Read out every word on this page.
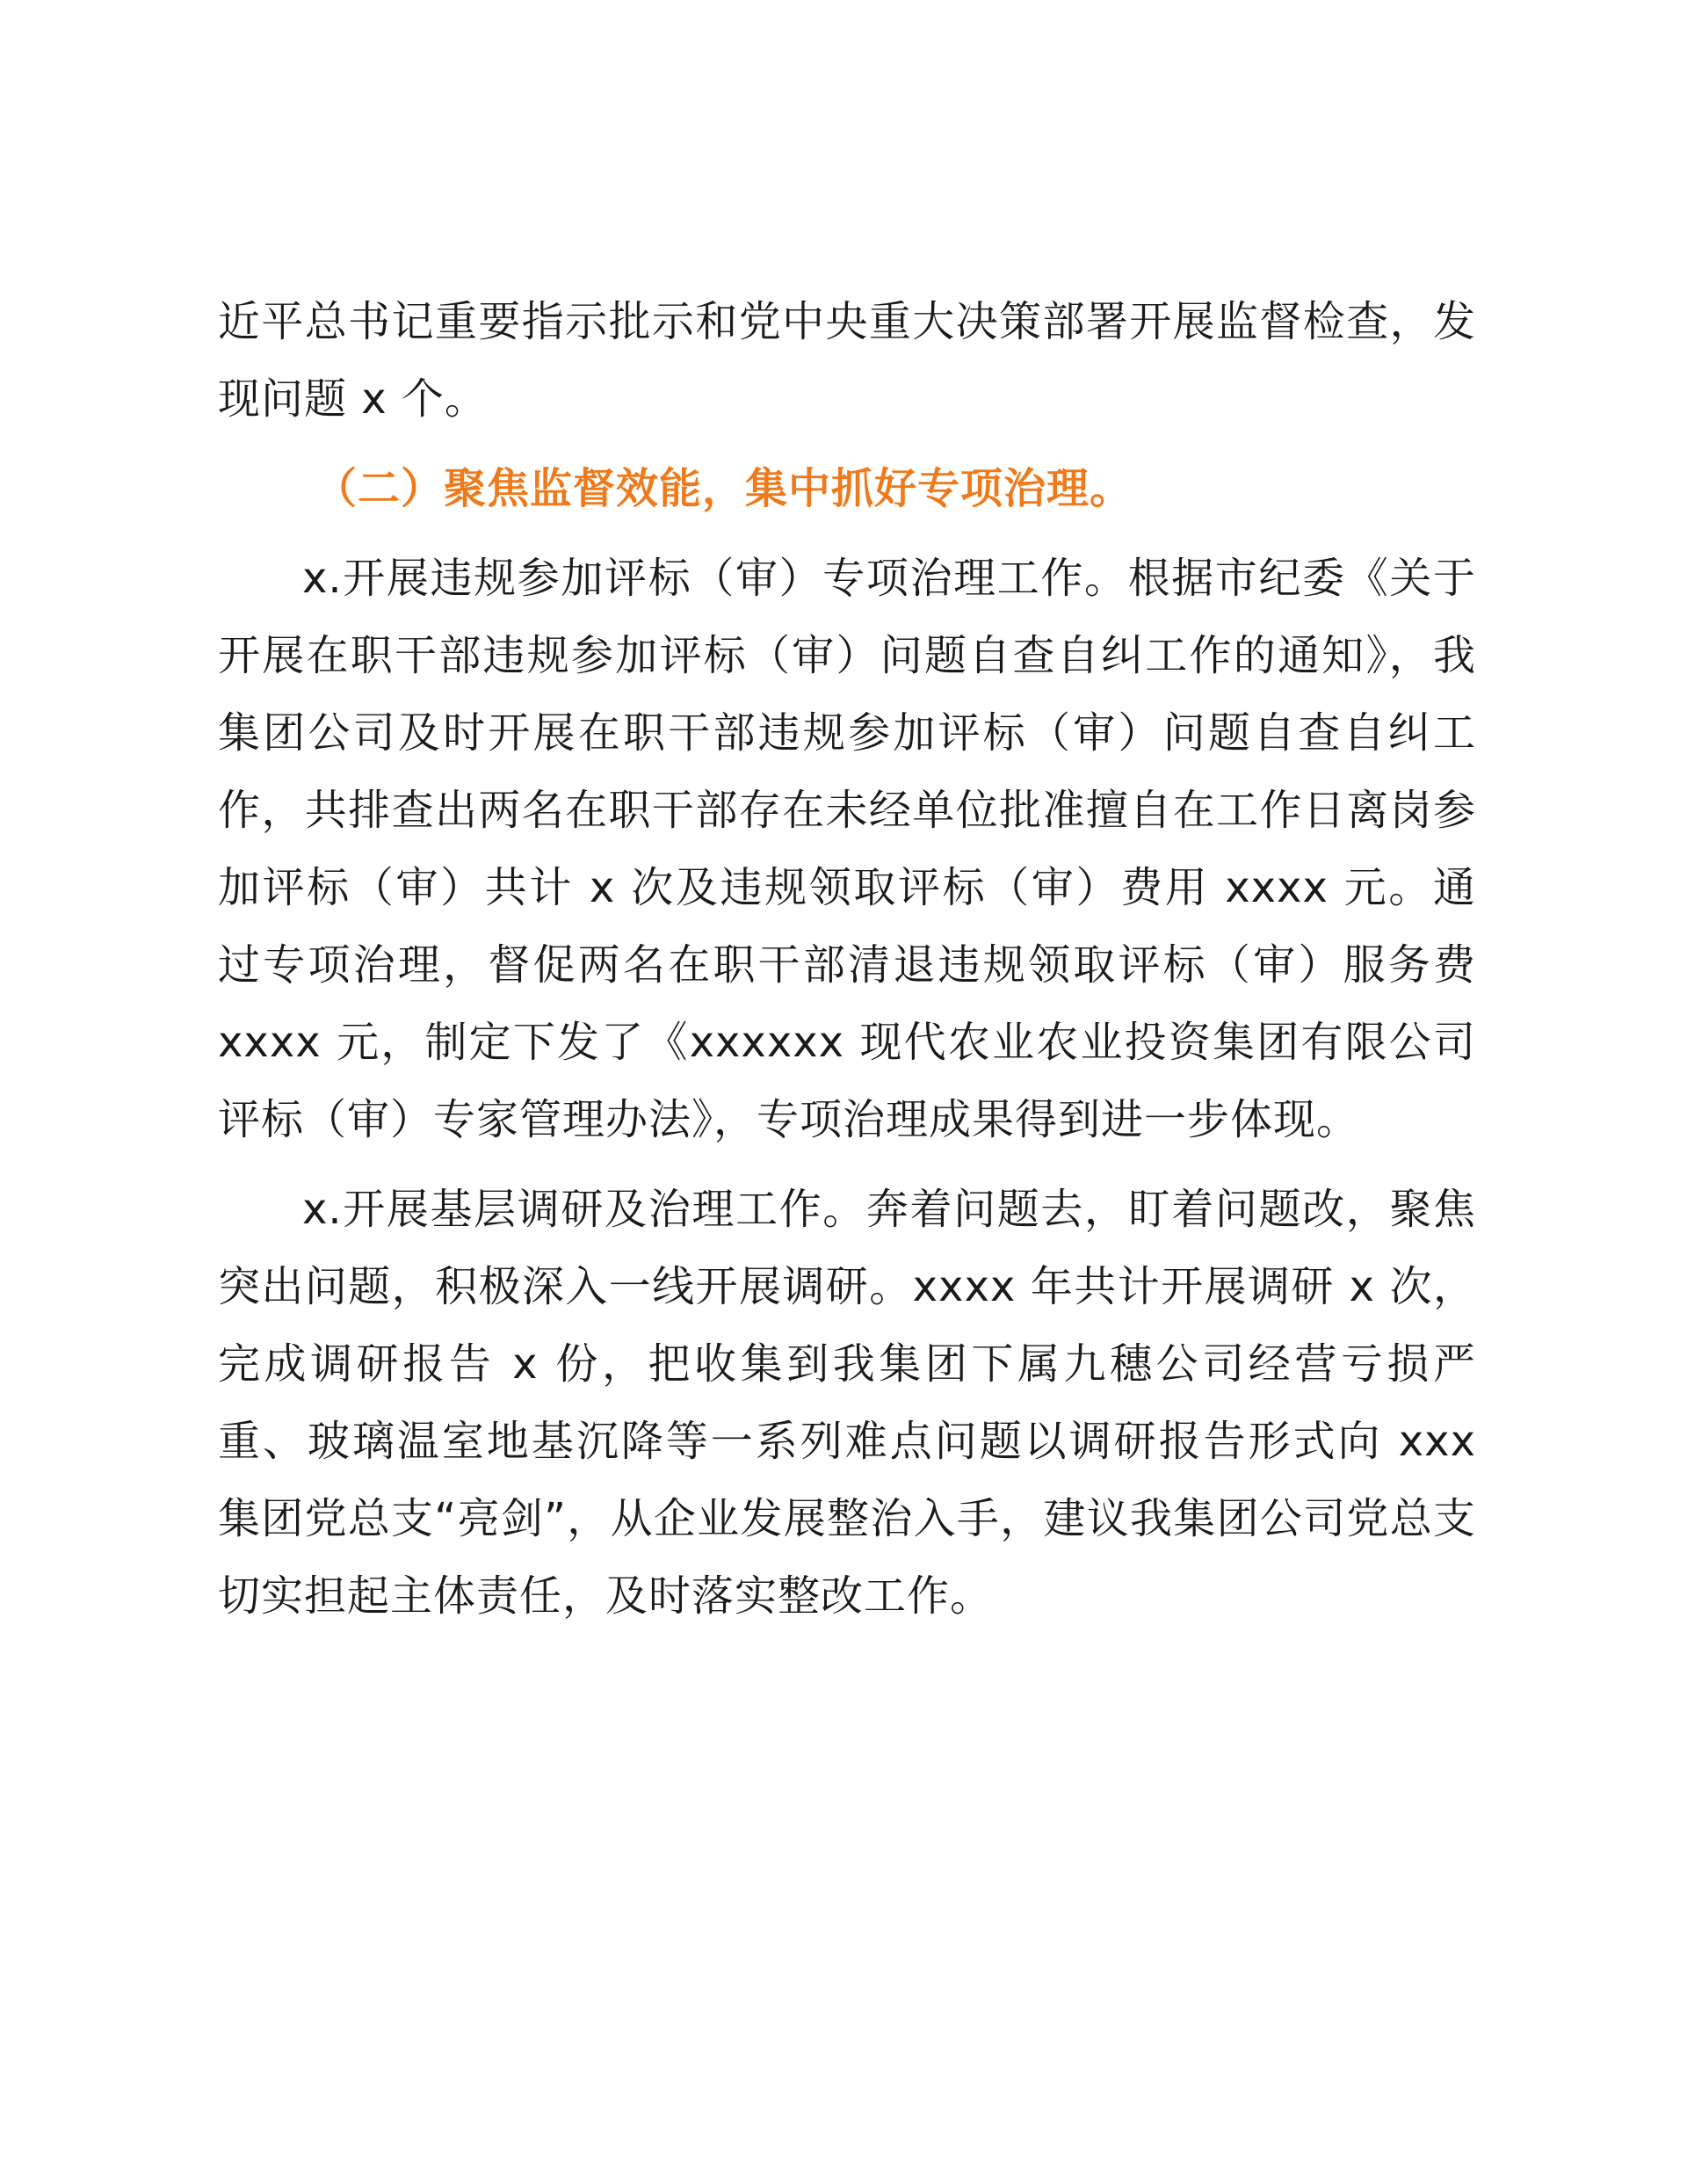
近平总书记重要指示批示和党中央重大决策部署开展监督检查，发现问题 x 个。

（二）聚焦监督效能，集中抓好专项治理。

x.开展违规参加评标（审）专项治理工作。根据市纪委《关于开展在职干部违规参加评标（审）问题自查自纠工作的通知》，我集团公司及时开展在职干部违规参加评标（审）问题自查自纠工作，共排查出两名在职干部存在未经单位批准擅自在工作日离岗参加评标（审）共计 x 次及违规领取评标（审）费用 xxxx 元。通过专项治理，督促两名在职干部清退违规领取评标（审）服务费 xxxx 元，制定下发了《xxxxxx 现代农业农业投资集团有限公司评标（审）专家管理办法》，专项治理成果得到进一步体现。

x.开展基层调研及治理工作。奔着问题去，盯着问题改，聚焦突出问题，积极深入一线开展调研。xxxx 年共计开展调研 x 次，完成调研报告 x 份，把收集到我集团下属九穗公司经营亏损严重、玻璃温室地基沉降等一系列难点问题以调研报告形式向 xxx 集团党总支“亮剑”，从企业发展整治入手，建议我集团公司党总支切实担起主体责任，及时落实整改工作。
